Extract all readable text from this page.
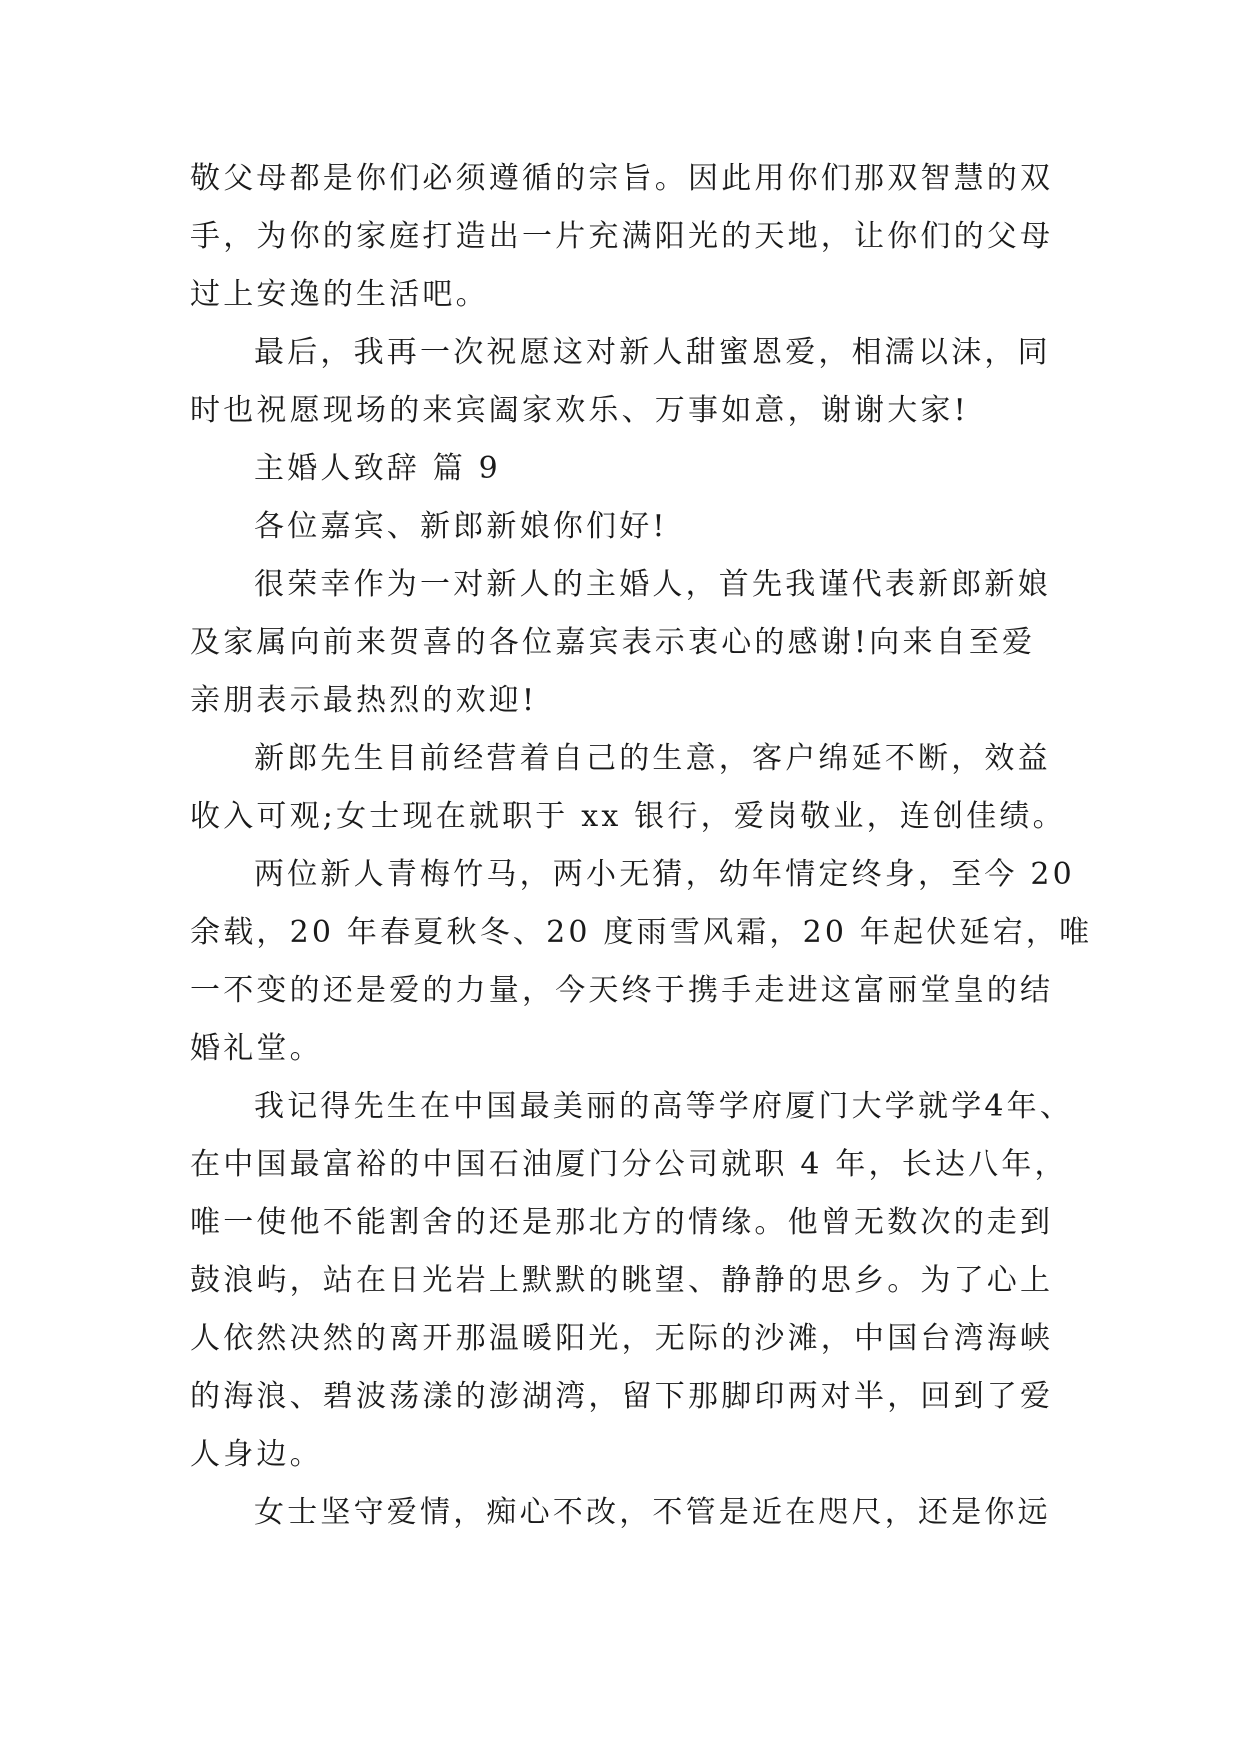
敬父母都是你们必须遵循的宗旨。因此用你们那双智慧的双
手，为你的家庭打造出一片充满阳光的天地，让你们的父母
过上安逸的生活吧。
最后，我再一次祝愿这对新人甜蜜恩爱，相濡以沫，同
时也祝愿现场的来宾阖家欢乐、万事如意，谢谢大家!
主婚人致辞 篇 9
各位嘉宾、新郎新娘你们好!
很荣幸作为一对新人的主婚人，首先我谨代表新郎新娘
及家属向前来贺喜的各位嘉宾表示衷心的感谢!向来自至爱
亲朋表示最热烈的欢迎!
新郎先生目前经营着自己的生意，客户绵延不断，效益
收入可观;女士现在就职于 xx 银行，爱岗敬业，连创佳绩。
两位新人青梅竹马，两小无猜，幼年情定终身，至今 20
余载，20 年春夏秋冬、20 度雨雪风霜，20 年起伏延宕，唯
一不变的还是爱的力量，今天终于携手走进这富丽堂皇的结
婚礼堂。
我记得先生在中国最美丽的高等学府厦门大学就学4年、
在中国最富裕的中国石油厦门分公司就职 4 年，长达八年，
唯一使他不能割舍的还是那北方的情缘。他曾无数次的走到
鼓浪屿，站在日光岩上默默的眺望、静静的思乡。为了心上
人依然决然的离开那温暖阳光，无际的沙滩，中国台湾海峡
的海浪、碧波荡漾的澎湖湾，留下那脚印两对半，回到了爱
人身边。
女士坚守爱情，痴心不改，不管是近在咫尺，还是你远
